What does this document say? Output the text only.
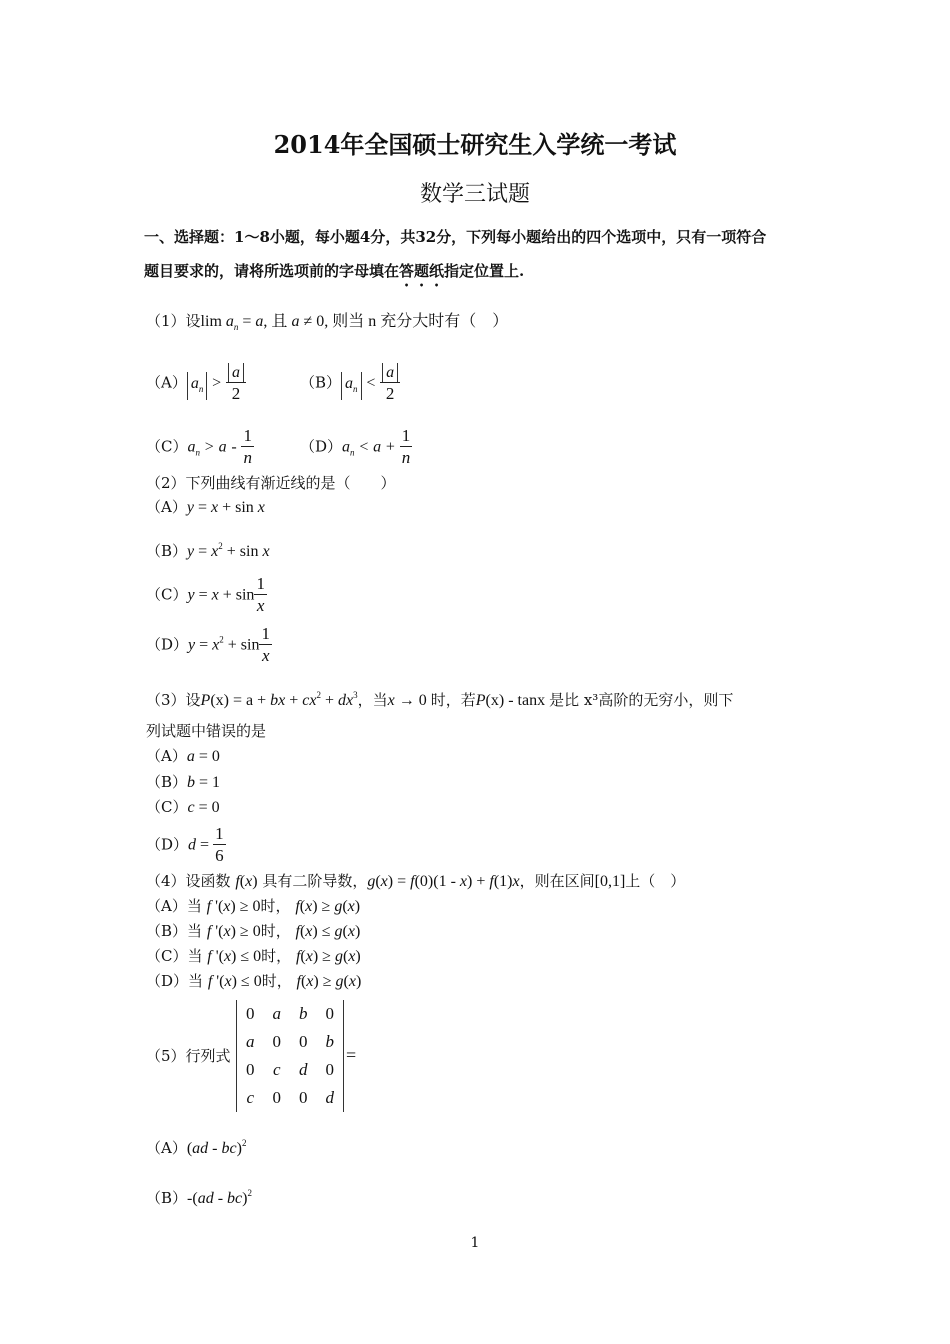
2014年全国硕士研究生入学统一考试
数学三试题
一、选择题：1～8小题，每小题4分，共32分，下列每小题给出的四个选项中，只有一项符合
题目要求的，请将所选项前的字母填在答题纸指定位置上.
（1）设$\lim a_n = a$, 且 a ≠ 0, 则当 n 充分大时有（　）
（A） $a_n > \frac{a}{2}$	（B） $a_n < \frac{a}{2}$
$(C)a_n > a - \frac{1}{n}$	$(D)a_n < a + \frac{1}{n}$
（2）下列曲线有渐近线的是（　　）
（A）y = x + sin x
$(B)y = x^2 + \sin x$
$(C)y = x + \sin \frac{1}{x}$
$(D)y = x^2 + \sin \frac{1}{x}$
（3）设P(x) = a + bx + $cx^2 + dx^3$，当x → 0 时，若P(x) - tanx 是比 x³高阶的无穷小，则下
列试题中错误的是
（A）a = 0
（B）b = 1
（C）c = 0
$(D)d = \frac{1}{6}$
（4）设函数 f(x) 具有二阶导数，g(x) = f(0)(1 - x) + f(1)x，则在区间[0,1]上（　）
（A）当 f '(x) ≥ 0时， f(x) ≥ g(x)
（B）当 f '(x) ≥ 0时， f(x) ≤ g(x)
（C）当 f '(x) ≤ 0时， f(x) ≥ g(x)
（D）当 f '(x) ≤ 0时， f(x) ≥ g(x)
（5）行列式
0	a	b	0
a	0	0	b
0	c	d	0
c	0	0	d
=
（A）(ad - bc)$^2$
（B）-(ad - bc)$^2$
1
